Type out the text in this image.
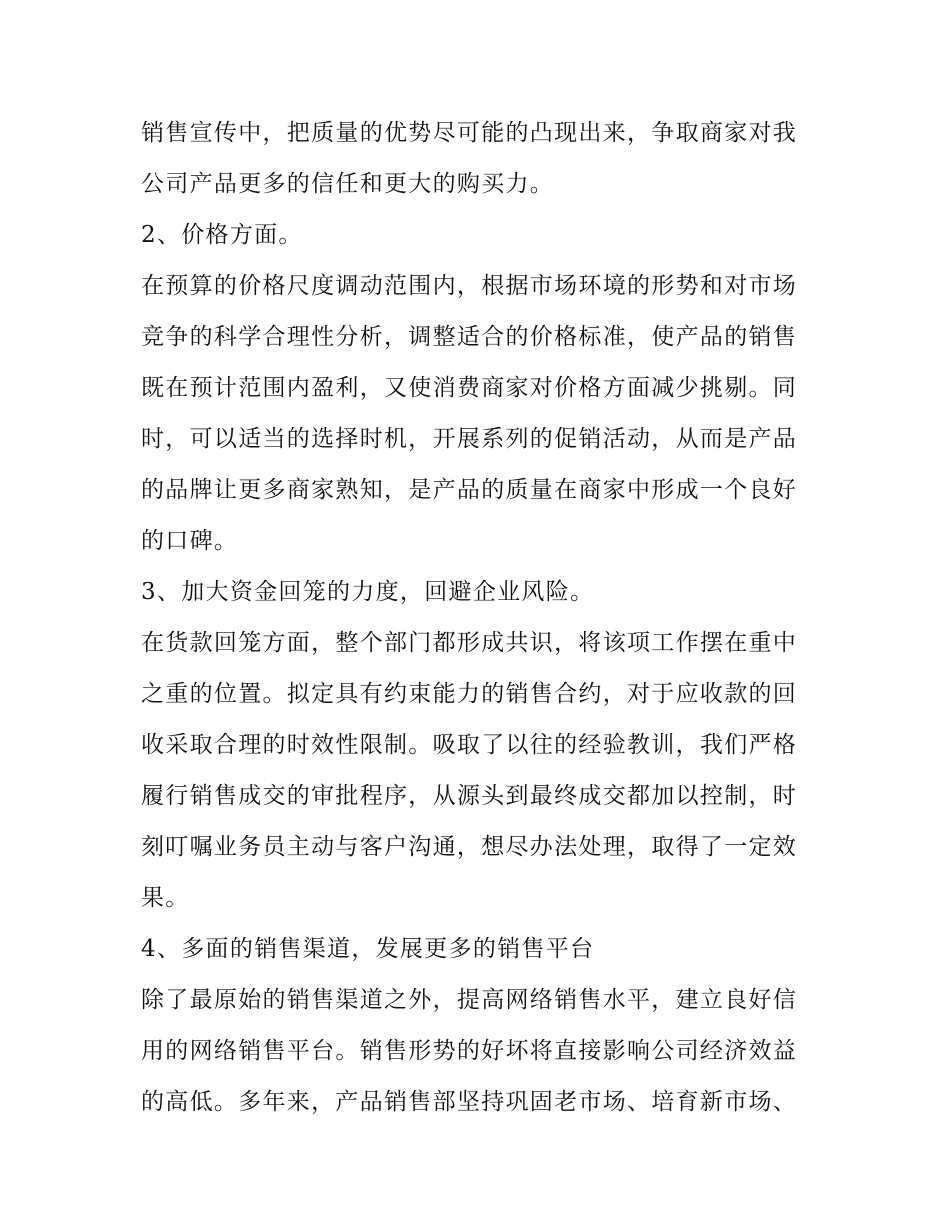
销售宣传中，把质量的优势尽可能的凸现出来，争取商家对我
公司产品更多的信任和更大的购买力。
2、价格方面。
在预算的价格尺度调动范围内，根据市场环境的形势和对市场
竞争的科学合理性分析，调整适合的价格标准，使产品的销售
既在预计范围内盈利，又使消费商家对价格方面减少挑剔。同
时，可以适当的选择时机，开展系列的促销活动，从而是产品
的品牌让更多商家熟知，是产品的质量在商家中形成一个良好
的口碑。
3、加大资金回笼的力度，回避企业风险。
在货款回笼方面，整个部门都形成共识，将该项工作摆在重中
之重的位置。拟定具有约束能力的销售合约，对于应收款的回
收采取合理的时效性限制。吸取了以往的经验教训，我们严格
履行销售成交的审批程序，从源头到最终成交都加以控制，时
刻叮嘱业务员主动与客户沟通，想尽办法处理，取得了一定效
果。
4、多面的销售渠道，发展更多的销售平台
除了最原始的销售渠道之外，提高网络销售水平，建立良好信
用的网络销售平台。销售形势的好坏将直接影响公司经济效益
的高低。多年来，产品销售部坚持巩固老市场、培育新市场、
